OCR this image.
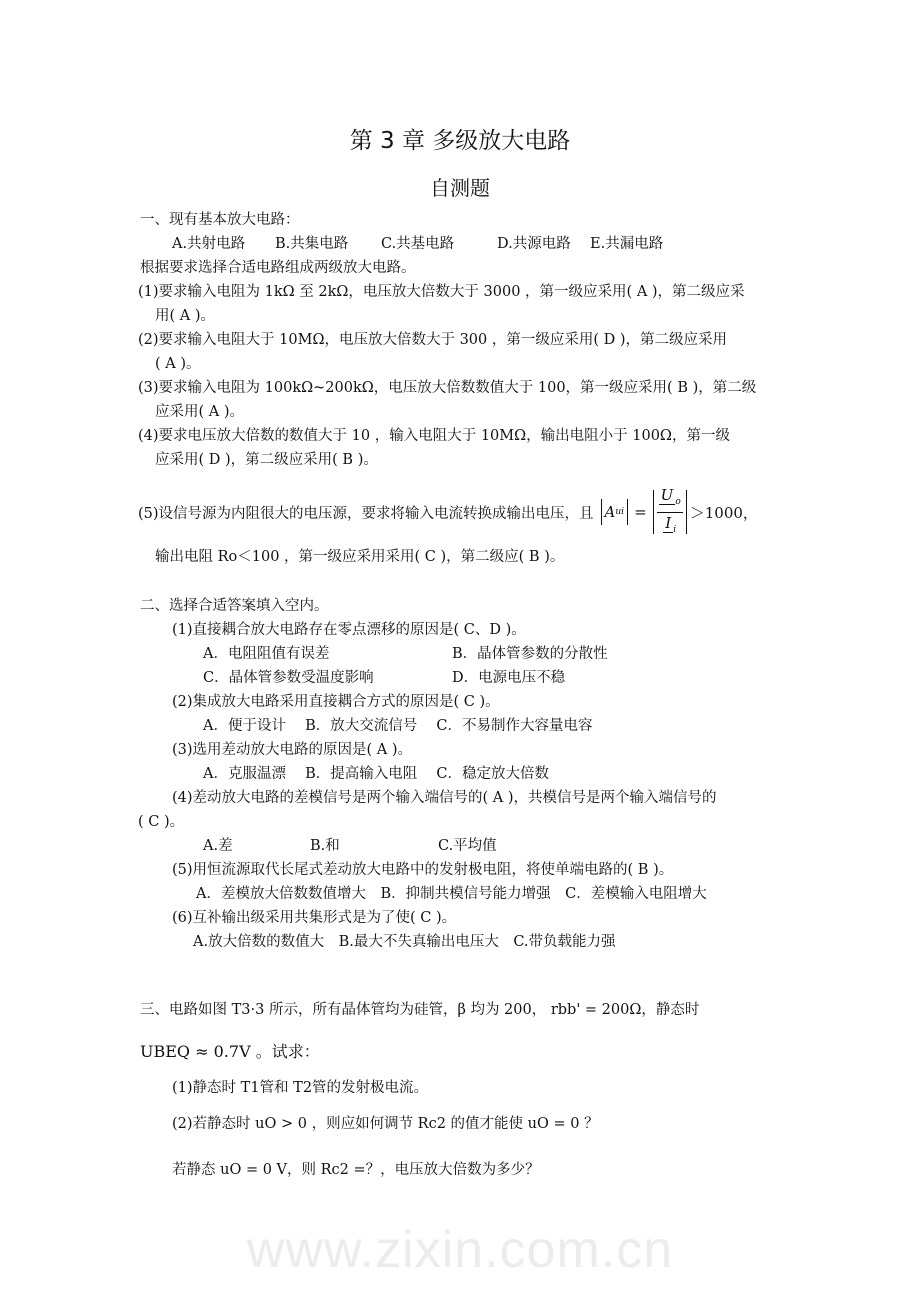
www.zixin.com.cn
第 3 章 多级放大电路
自测题
一、现有基本放大电路：
A.共射电路 B.共集电路 C.共基电路	D.共源电路 E.共漏电路
根据要求选择合适电路组成两级放大电路。
(1)要求输入电阻为 1kΩ 至 2kΩ，电压放大倍数大于 3000 ，第一级应采用( A )，第二级应采
用( A )。
(2)要求输入电阻大于 10MΩ，电压放大倍数大于 300 ，第一级应采用( D )，第二级应采用
( A )。
(3)要求输入电阻为 100kΩ~200kΩ，电压放大倍数数值大于 100，第一级应采用( B )，第二级
应采用( A )。
(4)要求电压放大倍数的数值大于 10 ，输入电阻大于 10MΩ，输出电阻小于 100Ω，第一级
应采用( D )，第二级应采用( B )。
(5)设信号源为内阻很大的电压源，要求将输入电流转换成输出电压，且 A ui = $\frac{U _o}{I _i} >1000$，
输出电阻 Ro＜100 ，第一级应采用采用( C )，第二级应( B )。
二、选择合适答案填入空内。
(1)直接耦合放大电路存在零点漂移的原因是( C、D )。
A．电阻阻值有误差	B．晶体管参数的分散性
C．晶体管参数受温度影响	D．电源电压不稳
(2)集成放大电路采用直接耦合方式的原因是( C )。
A．便于设计　 B．放大交流信号　 C．不易制作大容量电容
(3)选用差动放大电路的原因是( A )。
A．克服温漂　 B．提高输入电阻　 C．稳定放大倍数
(4)差动放大电路的差模信号是两个输入端信号的( A )，共模信号是两个输入端信号的
( C )。
A.差	B.和	C.平均值
(5)用恒流源取代长尾式差动放大电路中的发射极电阻，将使单端电路的( B )。
A．差模放大倍数数值增大　B．抑制共模信号能力增强　C．差模输入电阻增大
(6)互补输出级采用共集形式是为了使( C )。
A.放大倍数的数值大　B.最大不失真输出电压大　C.带负载能力强
三、电路如图 T3·3 所示，所有晶体管均为硅管，β 均为 200， rbb' = 200Ω，静态时
UBEQ ≈ 0.7V 。试求：
(1)静态时 T1管和 T2管的发射极电流。
(2)若静态时 uO > 0 ，则应如何调节 Rc2 的值才能使 uO = 0 ？
若静态 uO = 0 V，则 Rc2 =？，电压放大倍数为多少？
